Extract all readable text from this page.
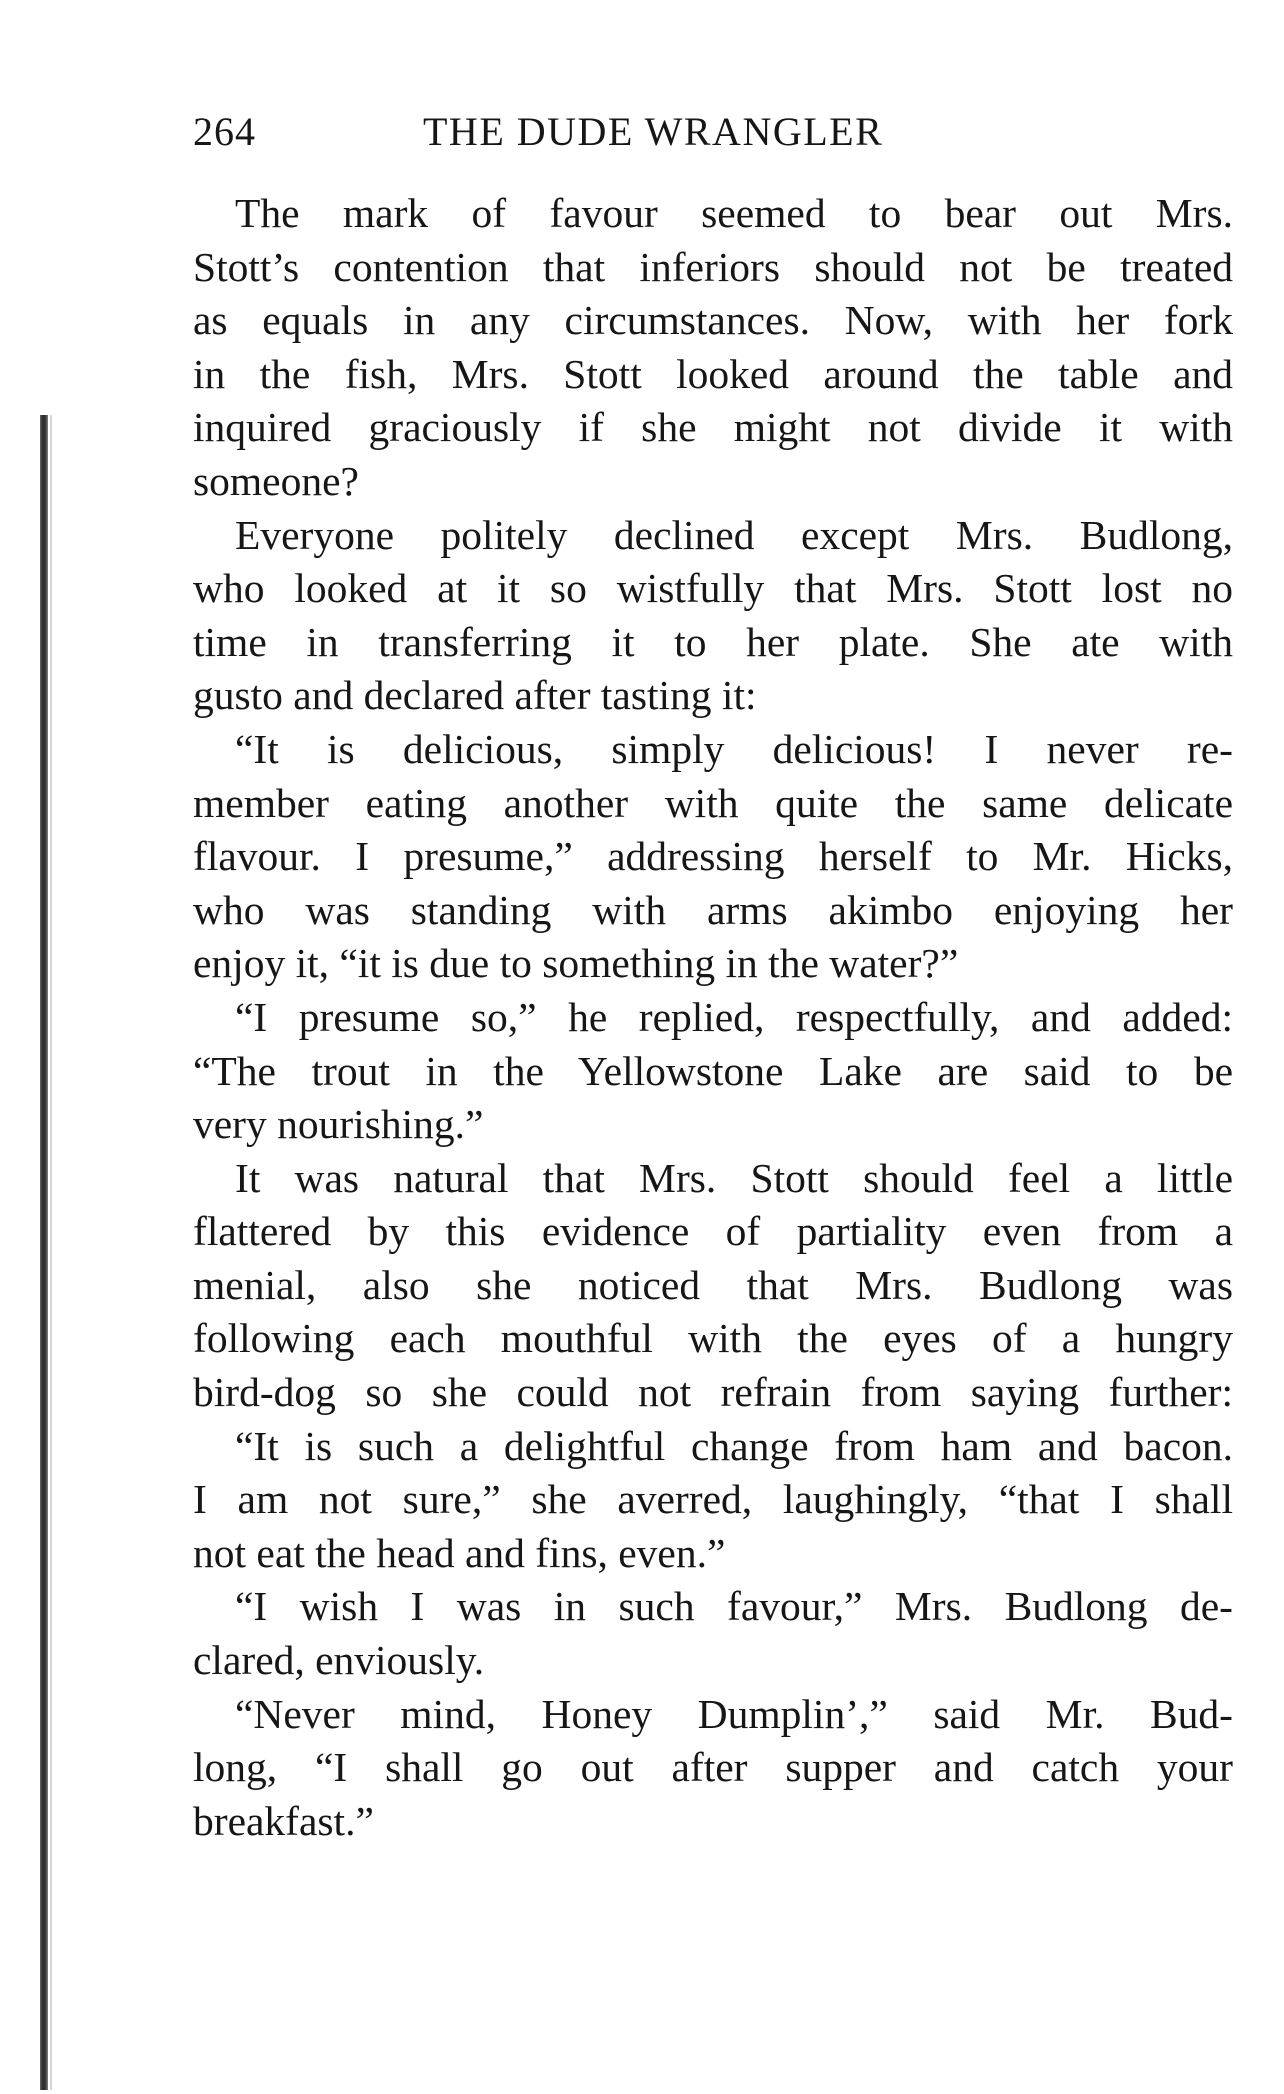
264	THE DUDE WRANGLER
The mark of favour seemed to bear out Mrs.
Stott’s contention that inferiors should not be treated
as equals in any circumstances. Now, with her fork
in the fish, Mrs. Stott looked around the table and
inquired graciously if she might not divide it with
someone?
Everyone politely declined except Mrs. Budlong,
who looked at it so wistfully that Mrs. Stott lost no
time in transferring it to her plate. She ate with
gusto and declared after tasting it:
“It is delicious, simply delicious! I never re-
member eating another with quite the same delicate
flavour. I presume,” addressing herself to Mr. Hicks,
who was standing with arms akimbo enjoying her
enjoy it, “it is due to something in the water?”
“I presume so,” he replied, respectfully, and added:
“The trout in the Yellowstone Lake are said to be
very nourishing.”
It was natural that Mrs. Stott should feel a little
flattered by this evidence of partiality even from a
menial, also she noticed that Mrs. Budlong was
following each mouthful with the eyes of a hungry
bird-dog so she could not refrain from saying further:
“It is such a delightful change from ham and bacon.
I am not sure,” she averred, laughingly, “that I shall
not eat the head and fins, even.”
“I wish I was in such favour,” Mrs. Budlong de-
clared, enviously.
“Never mind, Honey Dumplin’,” said Mr. Bud-
long, “I shall go out after supper and catch your
breakfast.”
